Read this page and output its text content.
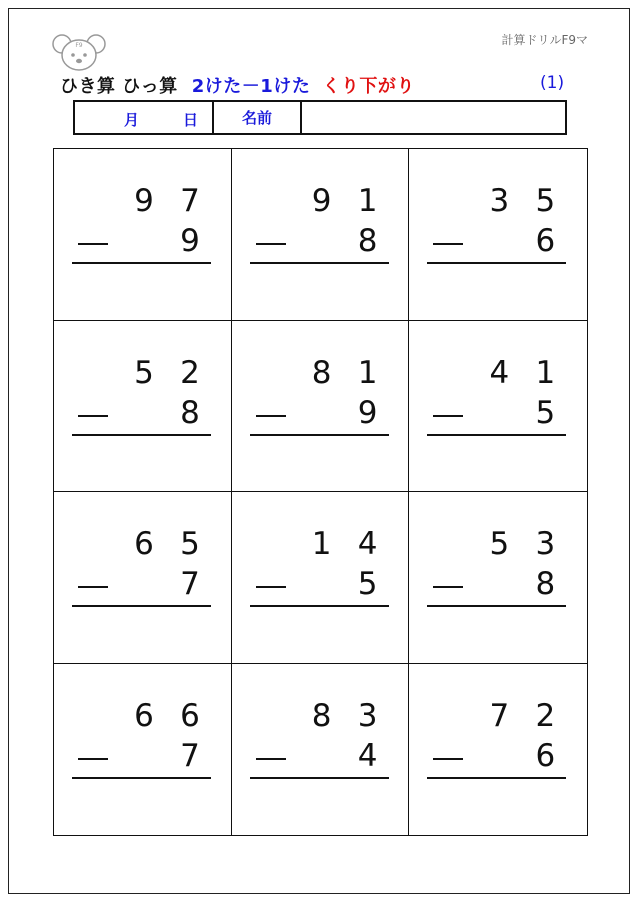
F9	計算ドリルF9マ
ひき算 ひっ算 2けた－1けた くり下がり	(1)
月	日	名前
9 7
9
9 1
8
3 5
6
5 2
8
8 1
9
4 1
5
6 5
7
1 4
5
5 3
8
6 6
7
8 3
4
7 2
6
